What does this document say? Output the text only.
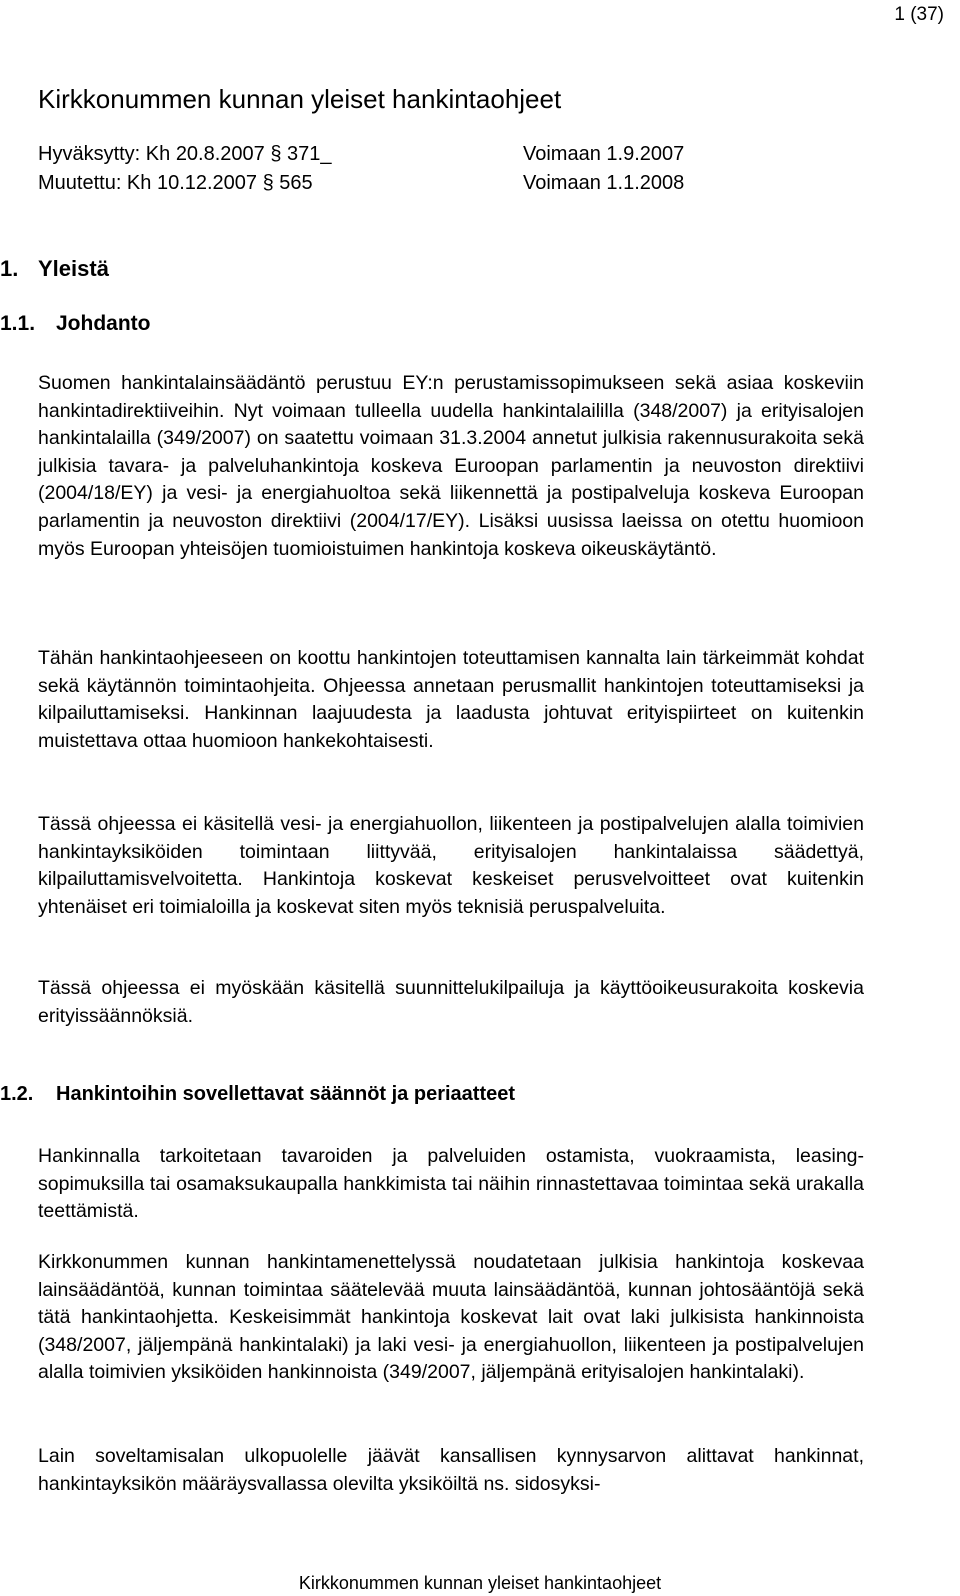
1 (37)
Kirkkonummen kunnan yleiset hankintaohjeet
Hyväksytty: Kh 20.8.2007 § 371_	Voimaan 1.9.2007
Muutettu: Kh 10.12.2007 § 565	Voimaan 1.1.2008
1. Yleistä
1.1. Johdanto

Suomen hankintalainsäädäntö perustuu EY:n perustamissopimukseen sekä asiaa koskeviin hankintadirektiiveihin. Nyt voimaan tulleella uudella hankintalaililla (348/2007) ja erityisalojen hankintalailla (349/2007) on saatettu voimaan 31.3.2004 annetut julkisia rakennusurakoita sekä julkisia tavara- ja palveluhankintoja koskeva Euroopan parlamentin ja neuvoston direktiivi (2004/18/EY) ja vesi- ja energiahuoltoa sekä liikennettä ja postipalveluja koskeva Euroopan parlamentin ja neuvoston direktiivi (2004/17/EY). Lisäksi uusissa laeissa on otettu huomioon myös Euroopan yhteisöjen tuomioistuimen hankintoja koskeva oikeuskäytäntö.

Tähän hankintaohjeeseen on koottu hankintojen toteuttamisen kannalta lain tärkeimmät kohdat sekä käytännön toimintaohjeita. Ohjeessa annetaan perusmallit hankintojen toteuttamiseksi ja kilpailuttamiseksi. Hankinnan laajuudesta ja laadusta johtuvat erityispiirteet on kuitenkin muistettava ottaa huomioon hankekohtaisesti.

Tässä ohjeessa ei käsitellä vesi- ja energiahuollon, liikenteen ja postipalvelujen alalla toimivien hankintayksiköiden toimintaan liittyvää, erityisalojen hankintalaissa säädettyä, kilpailuttamisvelvoitetta. Hankintoja koskevat keskeiset perusvelvoitteet ovat kuitenkin yhtenäiset eri toimialoilla ja koskevat siten myös teknisiä peruspalveluita.

Tässä ohjeessa ei myöskään käsitellä suunnittelukilpailuja ja käyttöoikeusurakoita koskevia erityissäännöksiä.

1.2. Hankintoihin sovellettavat säännöt ja periaatteet

Hankinnalla tarkoitetaan tavaroiden ja palveluiden ostamista, vuokraamista, leasing-sopimuksilla tai osamaksukaupalla hankkimista tai näihin rinnastettavaa toimintaa sekä urakalla teettämistä.

Kirkkonummen kunnan hankintamenettelyssä noudatetaan julkisia hankintoja koskevaa lainsäädäntöä, kunnan toimintaa säätelevää muuta lainsäädäntöä, kunnan johtosääntöjä sekä tätä hankintaohjetta. Keskeisimmät hankintoja koskevat lait ovat laki julkisista hankinnoista (348/2007, jäljempänä hankintalaki) ja laki vesi- ja energiahuollon, liikenteen ja postipalvelujen alalla toimivien yksiköiden hankinnoista (349/2007, jäljempänä erityisalojen hankintalaki).

Lain soveltamisalan ulkopuolelle jäävät kansallisen kynnysarvon alittavat hankinnat, hankintayksikön määräysvallassa olevilta yksiköiltä ns. sidosyksi-

Kirkkonummen kunnan yleiset hankintaohjeet
